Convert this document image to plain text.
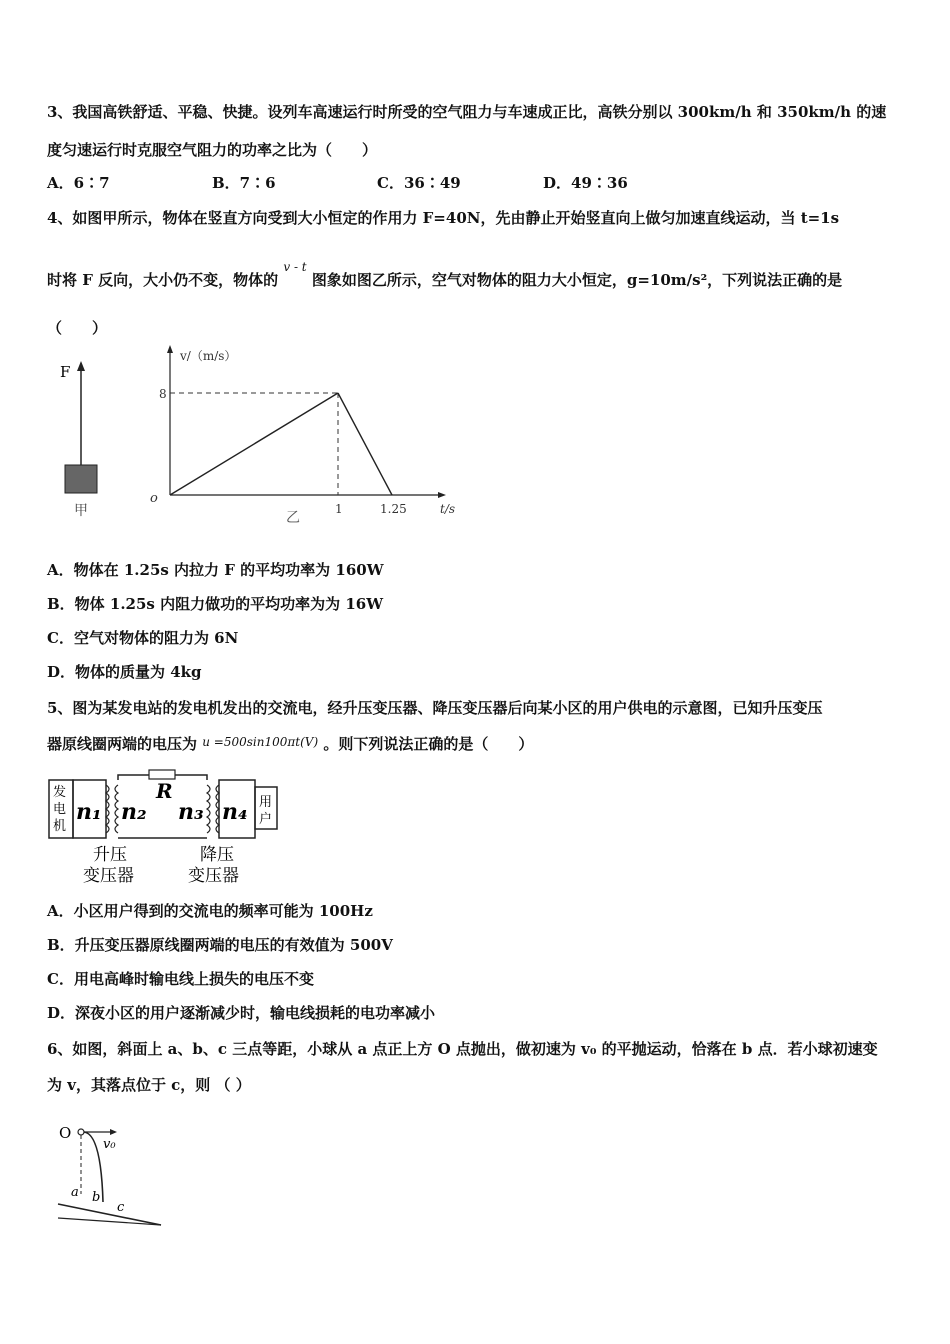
3、我国高铁舒适、平稳、快捷。设列车高速运行时所受的空气阻力与车速成正比，高铁分别以 300km/h 和 350km/h 的速
度匀速运行时克服空气阻力的功率之比为（　　）
A．6∶7	B．7∶6	C．36∶49	D．49∶36
4、如图甲所示，物体在竖直方向受到大小恒定的作用力 F=40N，先由静止开始竖直向上做匀加速直线运动，当 t=1s
时将 F 反向，大小仍不变，物体的 $^{v - t}$ 图象如图乙所示，空气对物体的阻力大小恒定，g=10m/s²，下列说法正确的是
（　　）
F
甲
v/（m/s）
t/s
o
8
1	1.25
乙
A．物体在 1.25s 内拉力 F 的平均功率为 160W
B．物体 1.25s 内阻力做功的平均功率为为 16W
C．空气对物体的阻力为 6N
D．物体的质量为 4kg
5、图为某发电站的发电机发出的交流电，经升压变压器、降压变压器后向某小区的用户供电的示意图，已知升压变压
器原线圈两端的电压为 $^{u =500sin100\pi t(V)}$ 。则下列说法正确的是（　　）
发
电
机
n₁
R
n₂ n₃ n₄ 用
户
升压
变压器
降压
变压器
A．小区用户得到的交流电的频率可能为 100Hz
B．升压变压器原线圈两端的电压的有效值为 500V
C．用电高峰时输电线上损失的电压不变
D．深夜小区的用户逐渐减少时，输电线损耗的电功率减小
6、如图，斜面上 a、b、c 三点等距，小球从 a 点正上方 O 点抛出，做初速为 v₀ 的平抛运动，恰落在 b 点．若小球初速变
为 v，其落点位于 c，则 （ ）
O
v₀
a b
c
